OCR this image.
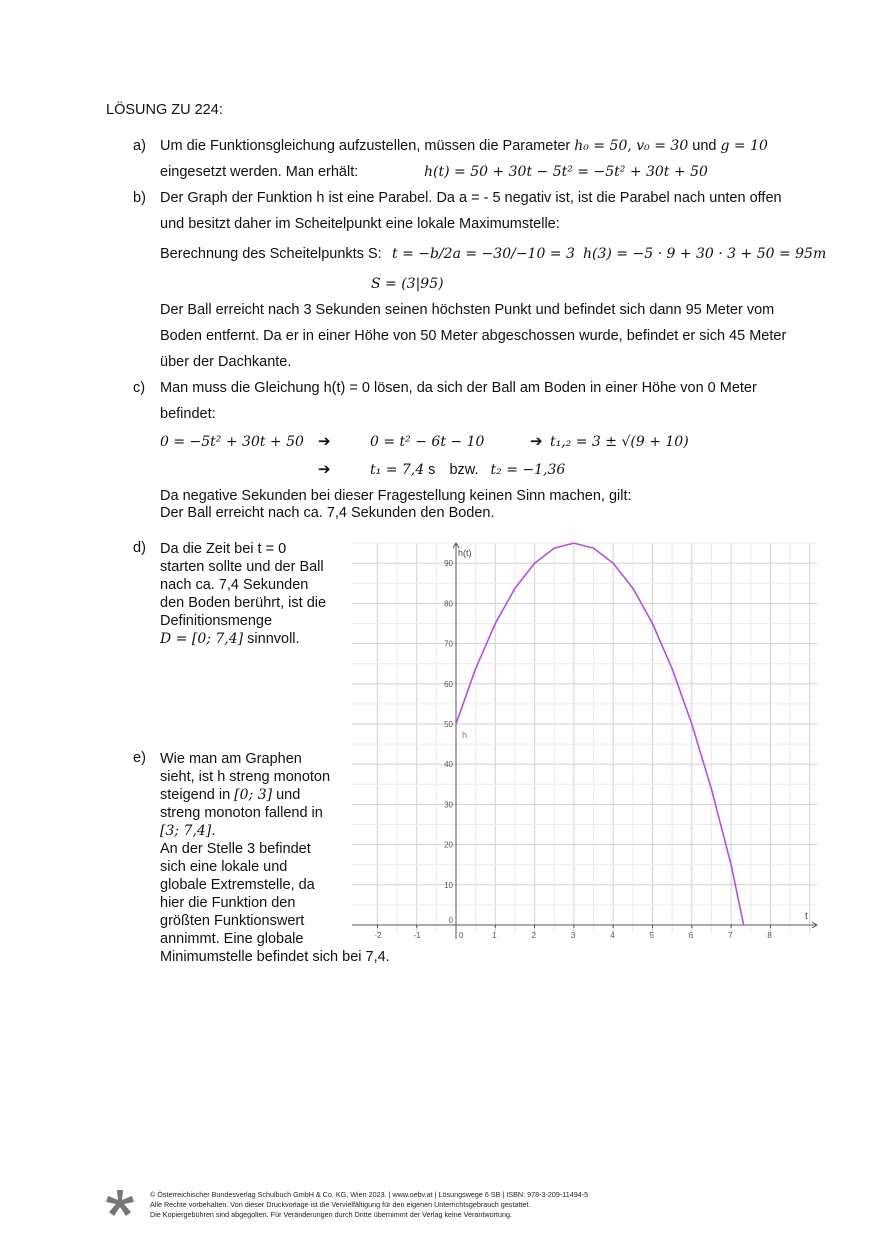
LÖSUNG ZU 224:
a) Um die Funktionsgleichung aufzustellen, müssen die Parameter h₀ = 50, v₀ = 30 und g = 10
eingesetzt werden. Man erhält:	h(t) = 50 + 30t − 5t² = −5t² + 30t + 50
b) Der Graph der Funktion h ist eine Parabel. Da a = - 5 negativ ist, ist die Parabel nach unten offen
und besitzt daher im Scheitelpunkt eine lokale Maximumstelle:
Berechnung des Scheitelpunkts S: t = −b/2a = −30/−10 = 3 h(3) = −5 · 9 + 30 · 3 + 50 = 95m
S = (3|95)
Der Ball erreicht nach 3 Sekunden seinen höchsten Punkt und befindet sich dann 95 Meter vom
Boden entfernt. Da er in einer Höhe von 50 Meter abgeschossen wurde, befindet er sich 45 Meter
über der Dachkante.
c)	Man muss die Gleichung h(t) = 0 lösen, da sich der Ball am Boden in einer Höhe von 0 Meter
befindet:
0 = −5t² + 30t + 50 ➔	0 = t² − 6t − 10	➔ t₁,₂ = 3 ± √(9 + 10)
➔	t₁ = 7,4 s bzw. t₂ = −1,36
Da negative Sekunden bei dieser Fragestellung keinen Sinn machen, gilt:
Der Ball erreicht nach ca. 7,4 Sekunden den Boden.
d) Da die Zeit bei t = 0
starten sollte und der Ball
nach ca. 7,4 Sekunden
den Boden berührt, ist die
Definitionsmenge
D = [0; 7,4] sinnvoll.
e) Wie man am Graphen
sieht, ist h streng monoton
steigend in [0; 3] und
streng monoton fallend in
[3; 7,4].
An der Stelle 3 befindet
sich eine lokale und
globale Extremstelle, da
hier die Funktion den
größten Funktionswert
annimmt. Eine globale
Minimumstelle befindet sich bei 7,4.
-2	-1	0	1	2	3	4	5	6	7	8
0
10
20
30
40
50
60
70
80
90
h
t
h(t)
© Österreichischer Bundesverlag Schulbuch GmbH & Co. KG, Wien 2023. | www.oebv.at | Lösungswege 6 SB | ISBN: 978-3-209-11494-5
Alle Rechte vorbehalten. Von dieser Druckvorlage ist die Vervielfältigung für den eigenen Unterrichtsgebrauch gestattet.
Die Kopiergebühren sind abgegolten. Für Veränderungen durch Dritte übernimmt der Verlag keine Verantwortung.
